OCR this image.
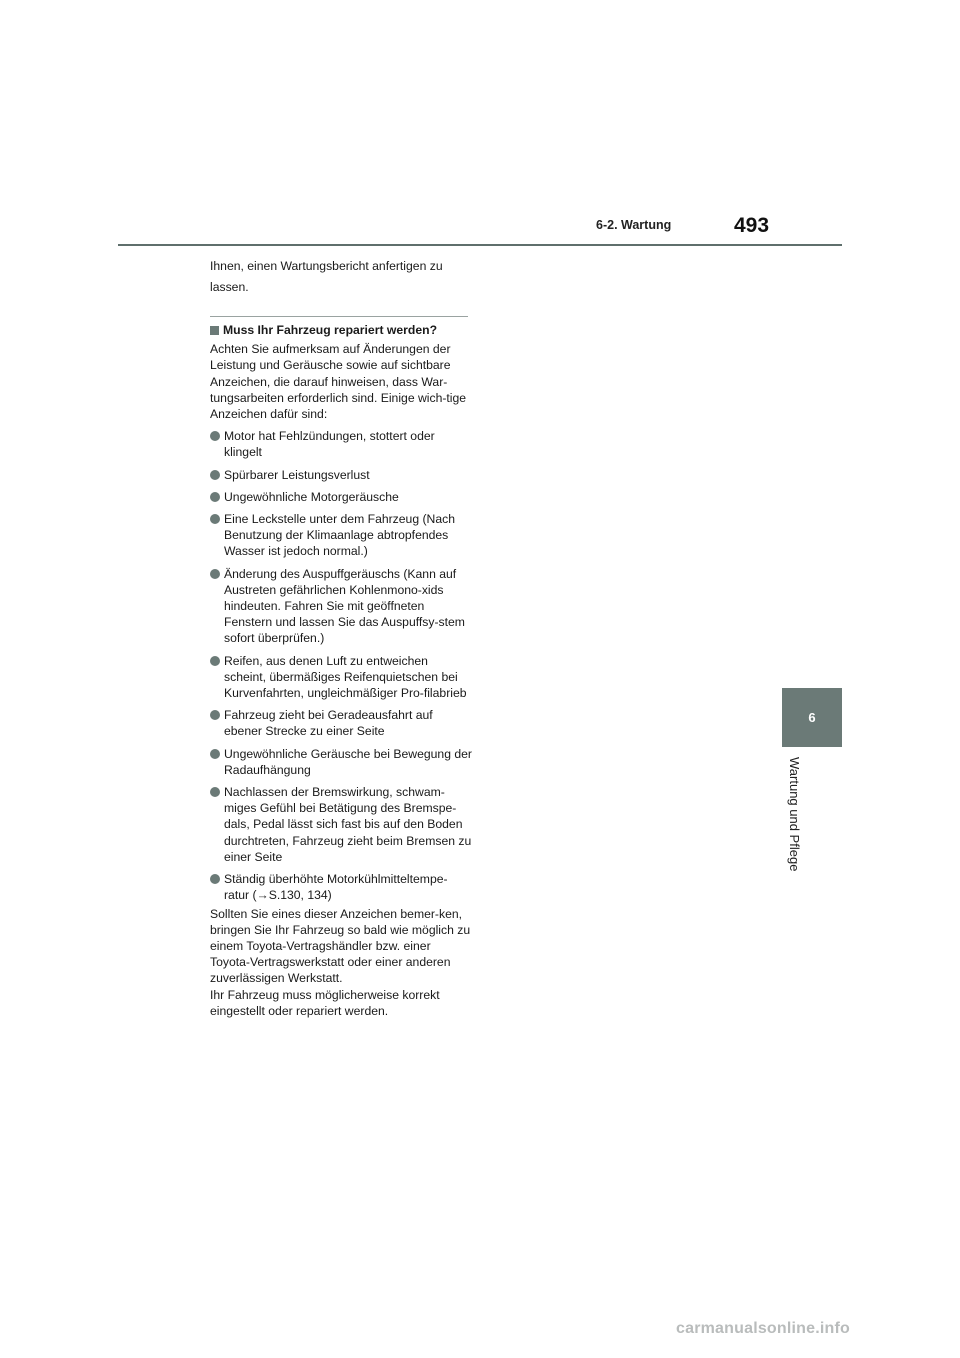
6-2. Wartung	493
6
Wartung und Pflege

Ihnen, einen Wartungsbericht anfertigen zu lassen.

Muss Ihr Fahrzeug repariert werden?

Achten Sie aufmerksam auf Änderungen der Leistung und Geräusche sowie auf sichtbare Anzeichen, die darauf hinweisen, dass War-tungsarbeiten erforderlich sind. Einige wich-tige Anzeichen dafür sind:

Motor hat Fehlzündungen, stottert oder klingelt
Spürbarer Leistungsverlust
Ungewöhnliche Motorgeräusche
Eine Leckstelle unter dem Fahrzeug (Nach Benutzung der Klimaanlage abtropfendes Wasser ist jedoch normal.)
Änderung des Auspuffgeräuschs (Kann auf Austreten gefährlichen Kohlenmono-xids hindeuten. Fahren Sie mit geöffneten Fenstern und lassen Sie das Auspuffsy-stem sofort überprüfen.)
Reifen, aus denen Luft zu entweichen scheint, übermäßiges Reifenquietschen bei Kurvenfahrten, ungleichmäßiger Pro-filabrieb
Fahrzeug zieht bei Geradeausfahrt auf ebener Strecke zu einer Seite
Ungewöhnliche Geräusche bei Bewegung der Radaufhängung
Nachlassen der Bremswirkung, schwam-miges Gefühl bei Betätigung des Bremspe-dals, Pedal lässt sich fast bis auf den Boden durchtreten, Fahrzeug zieht beim Bremsen zu einer Seite
Ständig überhöhte Motorkühlmitteltempe-ratur (→S.130, 134)

Sollten Sie eines dieser Anzeichen bemer-ken, bringen Sie Ihr Fahrzeug so bald wie möglich zu einem Toyota-Vertragshändler bzw. einer Toyota-Vertragswerkstatt oder einer anderen zuverlässigen Werkstatt.

Ihr Fahrzeug muss möglicherweise korrekt eingestellt oder repariert werden.

carmanualsonline.info
